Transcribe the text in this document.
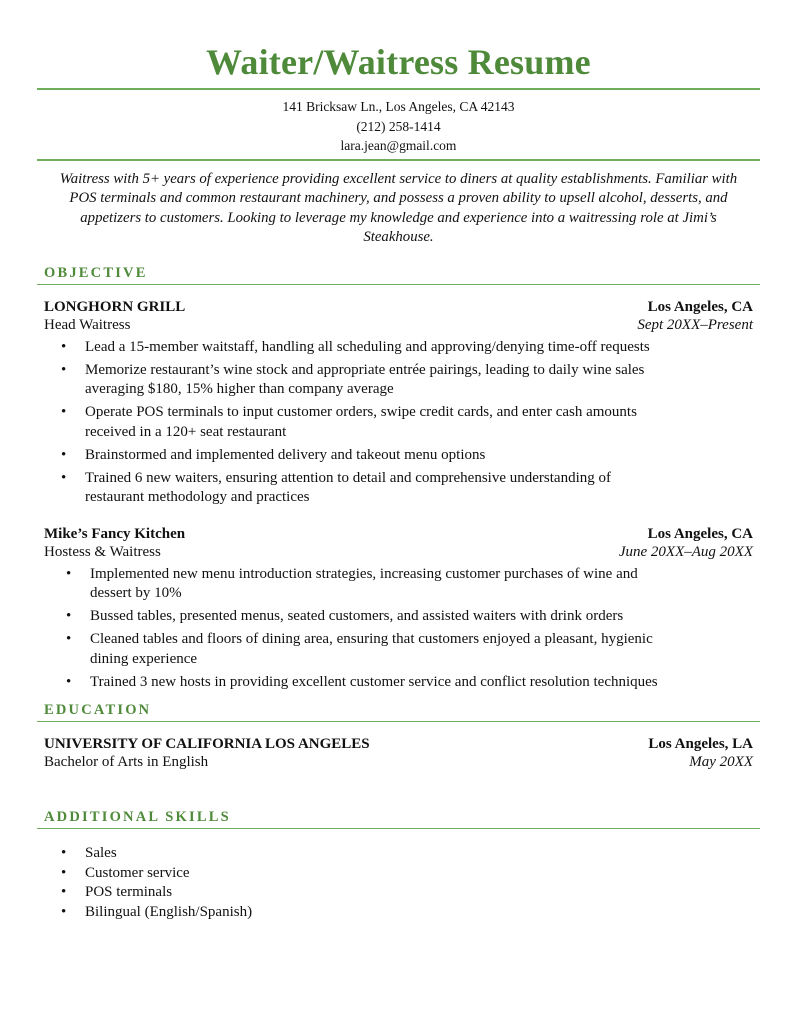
Waiter/Waitress Resume
141 Bricksaw Ln., Los Angeles, CA 42143
(212) 258-1414
lara.jean@gmail.com
Waitress with 5+ years of experience providing excellent service to diners at quality establishments. Familiar with POS terminals and common restaurant machinery, and possess a proven ability to upsell alcohol, desserts, and appetizers to customers. Looking to leverage my knowledge and experience into a waitressing role at Jimi’s Steakhouse.
OBJECTIVE
LONGHORN GRILL	Los Angeles, CA
Head Waitress	Sept 20XX–Present
• Lead a 15-member waitstaff, handling all scheduling and approving/denying time-off requests
• Memorize restaurant’s wine stock and appropriate entrée pairings, leading to daily wine sales averaging $180, 15% higher than company average
• Operate POS terminals to input customer orders, swipe credit cards, and enter cash amounts received in a 120+ seat restaurant
• Brainstormed and implemented delivery and takeout menu options
• Trained 6 new waiters, ensuring attention to detail and comprehensive understanding of restaurant methodology and practices
Mike’s Fancy Kitchen	Los Angeles, CA
Hostess & Waitress	June 20XX–Aug 20XX
• Implemented new menu introduction strategies, increasing customer purchases of wine and dessert by 10%
• Bussed tables, presented menus, seated customers, and assisted waiters with drink orders
• Cleaned tables and floors of dining area, ensuring that customers enjoyed a pleasant, hygienic dining experience
• Trained 3 new hosts in providing excellent customer service and conflict resolution techniques
EDUCATION
UNIVERSITY OF CALIFORNIA LOS ANGELES	Los Angeles, LA
Bachelor of Arts in English	May 20XX
ADDITIONAL SKILLS
• Sales
• Customer service
• POS terminals
• Bilingual (English/Spanish)
